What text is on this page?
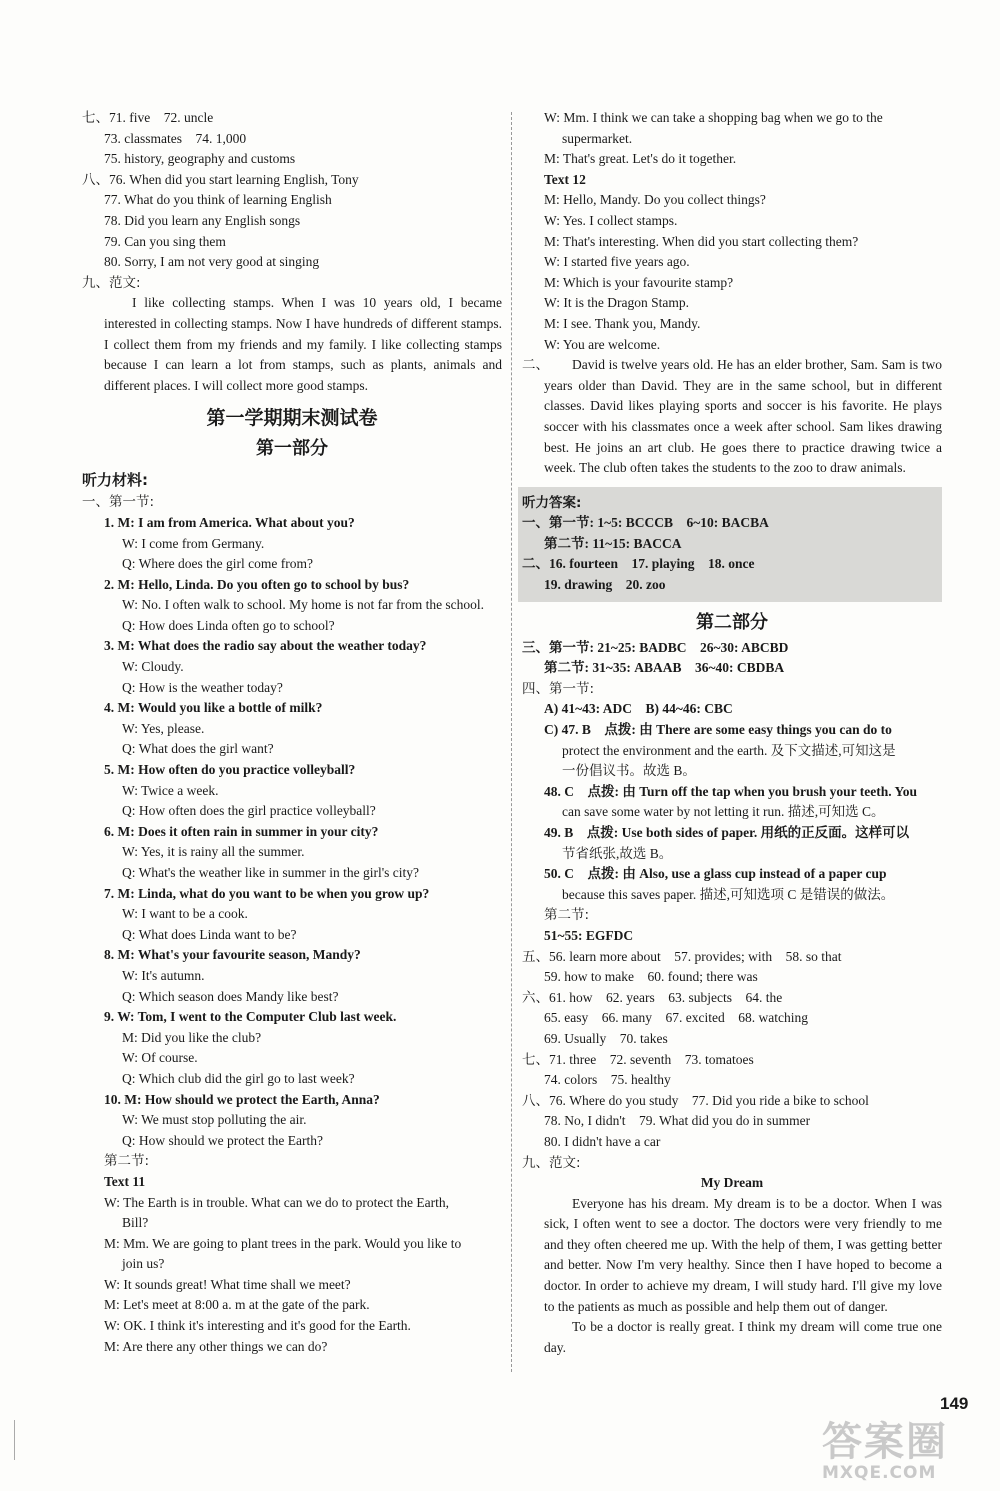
七、71. five　72. uncle
73. classmates　74. 1,000
75. history, geography and customs
八、76. When did you start learning English, Tony
77. What do you think of learning English
78. Did you learn any English songs
79. Can you sing them
80. Sorry, I am not very good at singing
九、范文:

I like collecting stamps. When I was 10 years old, I became interested in collecting stamps. Now I have hundreds of different stamps. I collect them from my friends and my family. I like collecting stamps because I can learn a lot from stamps, such as plants, animals and different places. I will collect more good stamps.

第一学期期末测试卷
第一部分
听力材料:
一、第一节:
1. M: I am from America. What about you?
W: I come from Germany.
Q: Where does the girl come from?
2. M: Hello, Linda. Do you often go to school by bus?
W: No. I often walk to school. My home is not far from the school.
Q: How does Linda often go to school?
3. M: What does the radio say about the weather today?
W: Cloudy.
Q: How is the weather today?
4. M: Would you like a bottle of milk?
W: Yes, please.
Q: What does the girl want?
5. M: How often do you practice volleyball?
W: Twice a week.
Q: How often does the girl practice volleyball?
6. M: Does it often rain in summer in your city?
W: Yes, it is rainy all the summer.
Q: What's the weather like in summer in the girl's city?
7. M: Linda, what do you want to be when you grow up?
W: I want to be a cook.
Q: What does Linda want to be?
8. M: What's your favourite season, Mandy?
W: It's autumn.
Q: Which season does Mandy like best?
9. W: Tom, I went to the Computer Club last week.
M: Did you like the club?
W: Of course.
Q: Which club did the girl go to last week?
10. M: How should we protect the Earth, Anna?
W: We must stop polluting the air.
Q: How should we protect the Earth?
第二节:
Text 11
W: The Earth is in trouble. What can we do to protect the Earth,
Bill?
M: Mm. We are going to plant trees in the park. Would you like to
join us?
W: It sounds great! What time shall we meet?
M: Let's meet at 8:00 a. m at the gate of the park.
W: OK. I think it's interesting and it's good for the Earth.
M: Are there any other things we can do?
W: Mm. I think we can take a shopping bag when we go to the
supermarket.
M: That's great. Let's do it together.
Text 12
M: Hello, Mandy. Do you collect things?
W: Yes. I collect stamps.
M: That's interesting. When did you start collecting them?
W: I started five years ago.
M: Which is your favourite stamp?
W: It is the Dragon Stamp.
M: I see. Thank you, Mandy.
W: You are welcome.
二、	David is twelve years old. He has an elder brother, Sam. Sam is two years older than David. They are in the same school, but in different classes. David likes playing sports and soccer is his favorite. He plays soccer with his classmates once a week after school. Sam likes drawing best. He joins an art club. He goes there to practice drawing twice a week. The club often takes the students to the zoo to draw animals.

听力答案:
一、第一节: 1~5: BCCCB　6~10: BACBA
第二节: 11~15: BACCA
二、16. fourteen　17. playing　18. once
19. drawing　20. zoo
第二部分
三、第一节: 21~25: BADBC　26~30: ABCBD
第二节: 31~35: ABAAB　36~40: CBDBA
四、第一节:
A) 41~43: ADC　B) 44~46: CBC
C) 47. B　点拨: 由 There are some easy things you can do to
protect the environment and the earth. 及下文描述,可知这是
一份倡议书。故选 B。
48. C　点拨: 由 Turn off the tap when you brush your teeth. You
can save some water by not letting it run. 描述,可知选 C。
49. B　点拨: Use both sides of paper. 用纸的正反面。这样可以
节省纸张,故选 B。
50. C　点拨: 由 Also, use a glass cup instead of a paper cup
because this saves paper. 描述,可知选项 C 是错误的做法。
第二节:
51~55: EGFDC
五、56. learn more about　57. provides; with　58. so that
59. how to make　60. found; there was
六、61. how　62. years　63. subjects　64. the
65. easy　66. many　67. excited　68. watching
69. Usually　70. takes
七、71. three　72. seventh　73. tomatoes
74. colors　75. healthy
八、76. Where do you study　77. Did you ride a bike to school
78. No, I didn't　79. What did you do in summer
80. I didn't have a car
九、范文:
My Dream

Everyone has his dream. My dream is to be a doctor. When I was sick, I often went to see a doctor. The doctors were very friendly to me and they often cheered me up. With the help of them, I was getting better and better. Now I'm very healthy. Since then I have hoped to become a doctor. In order to achieve my dream, I will study hard. I'll give my love to the patients as much as possible and help them out of danger.

To be a doctor is really great. I think my dream will come true one day.

149
答案圈
MXQE.COM
